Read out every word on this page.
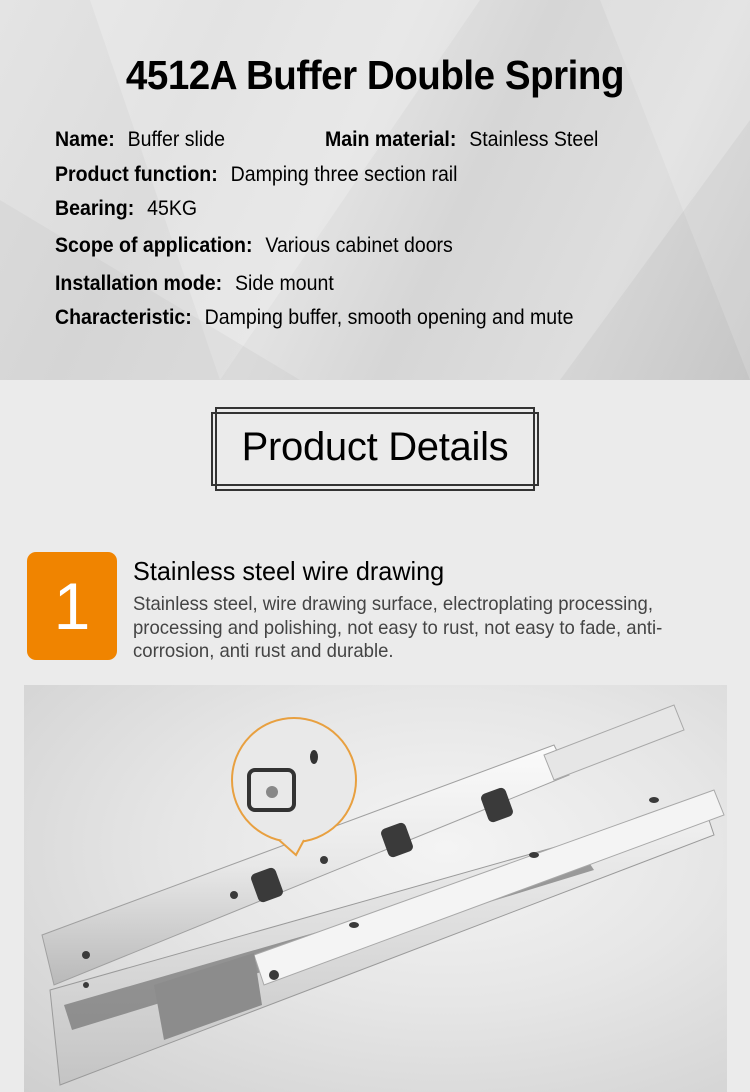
4512A Buffer Double Spring
Name: Buffer slide	Main material: Stainless Steel
Product function: Damping three section rail
Bearing: 45KG
Scope of application: Various cabinet doors
Installation mode: Side mount
Characteristic: Damping buffer, smooth opening and mute
Product Details
1	Stainless steel wire drawing
Stainless steel, wire drawing surface, electroplating processing, processing and polishing, not easy to rust, not easy to fade, anti-corrosion, anti rust and durable.
